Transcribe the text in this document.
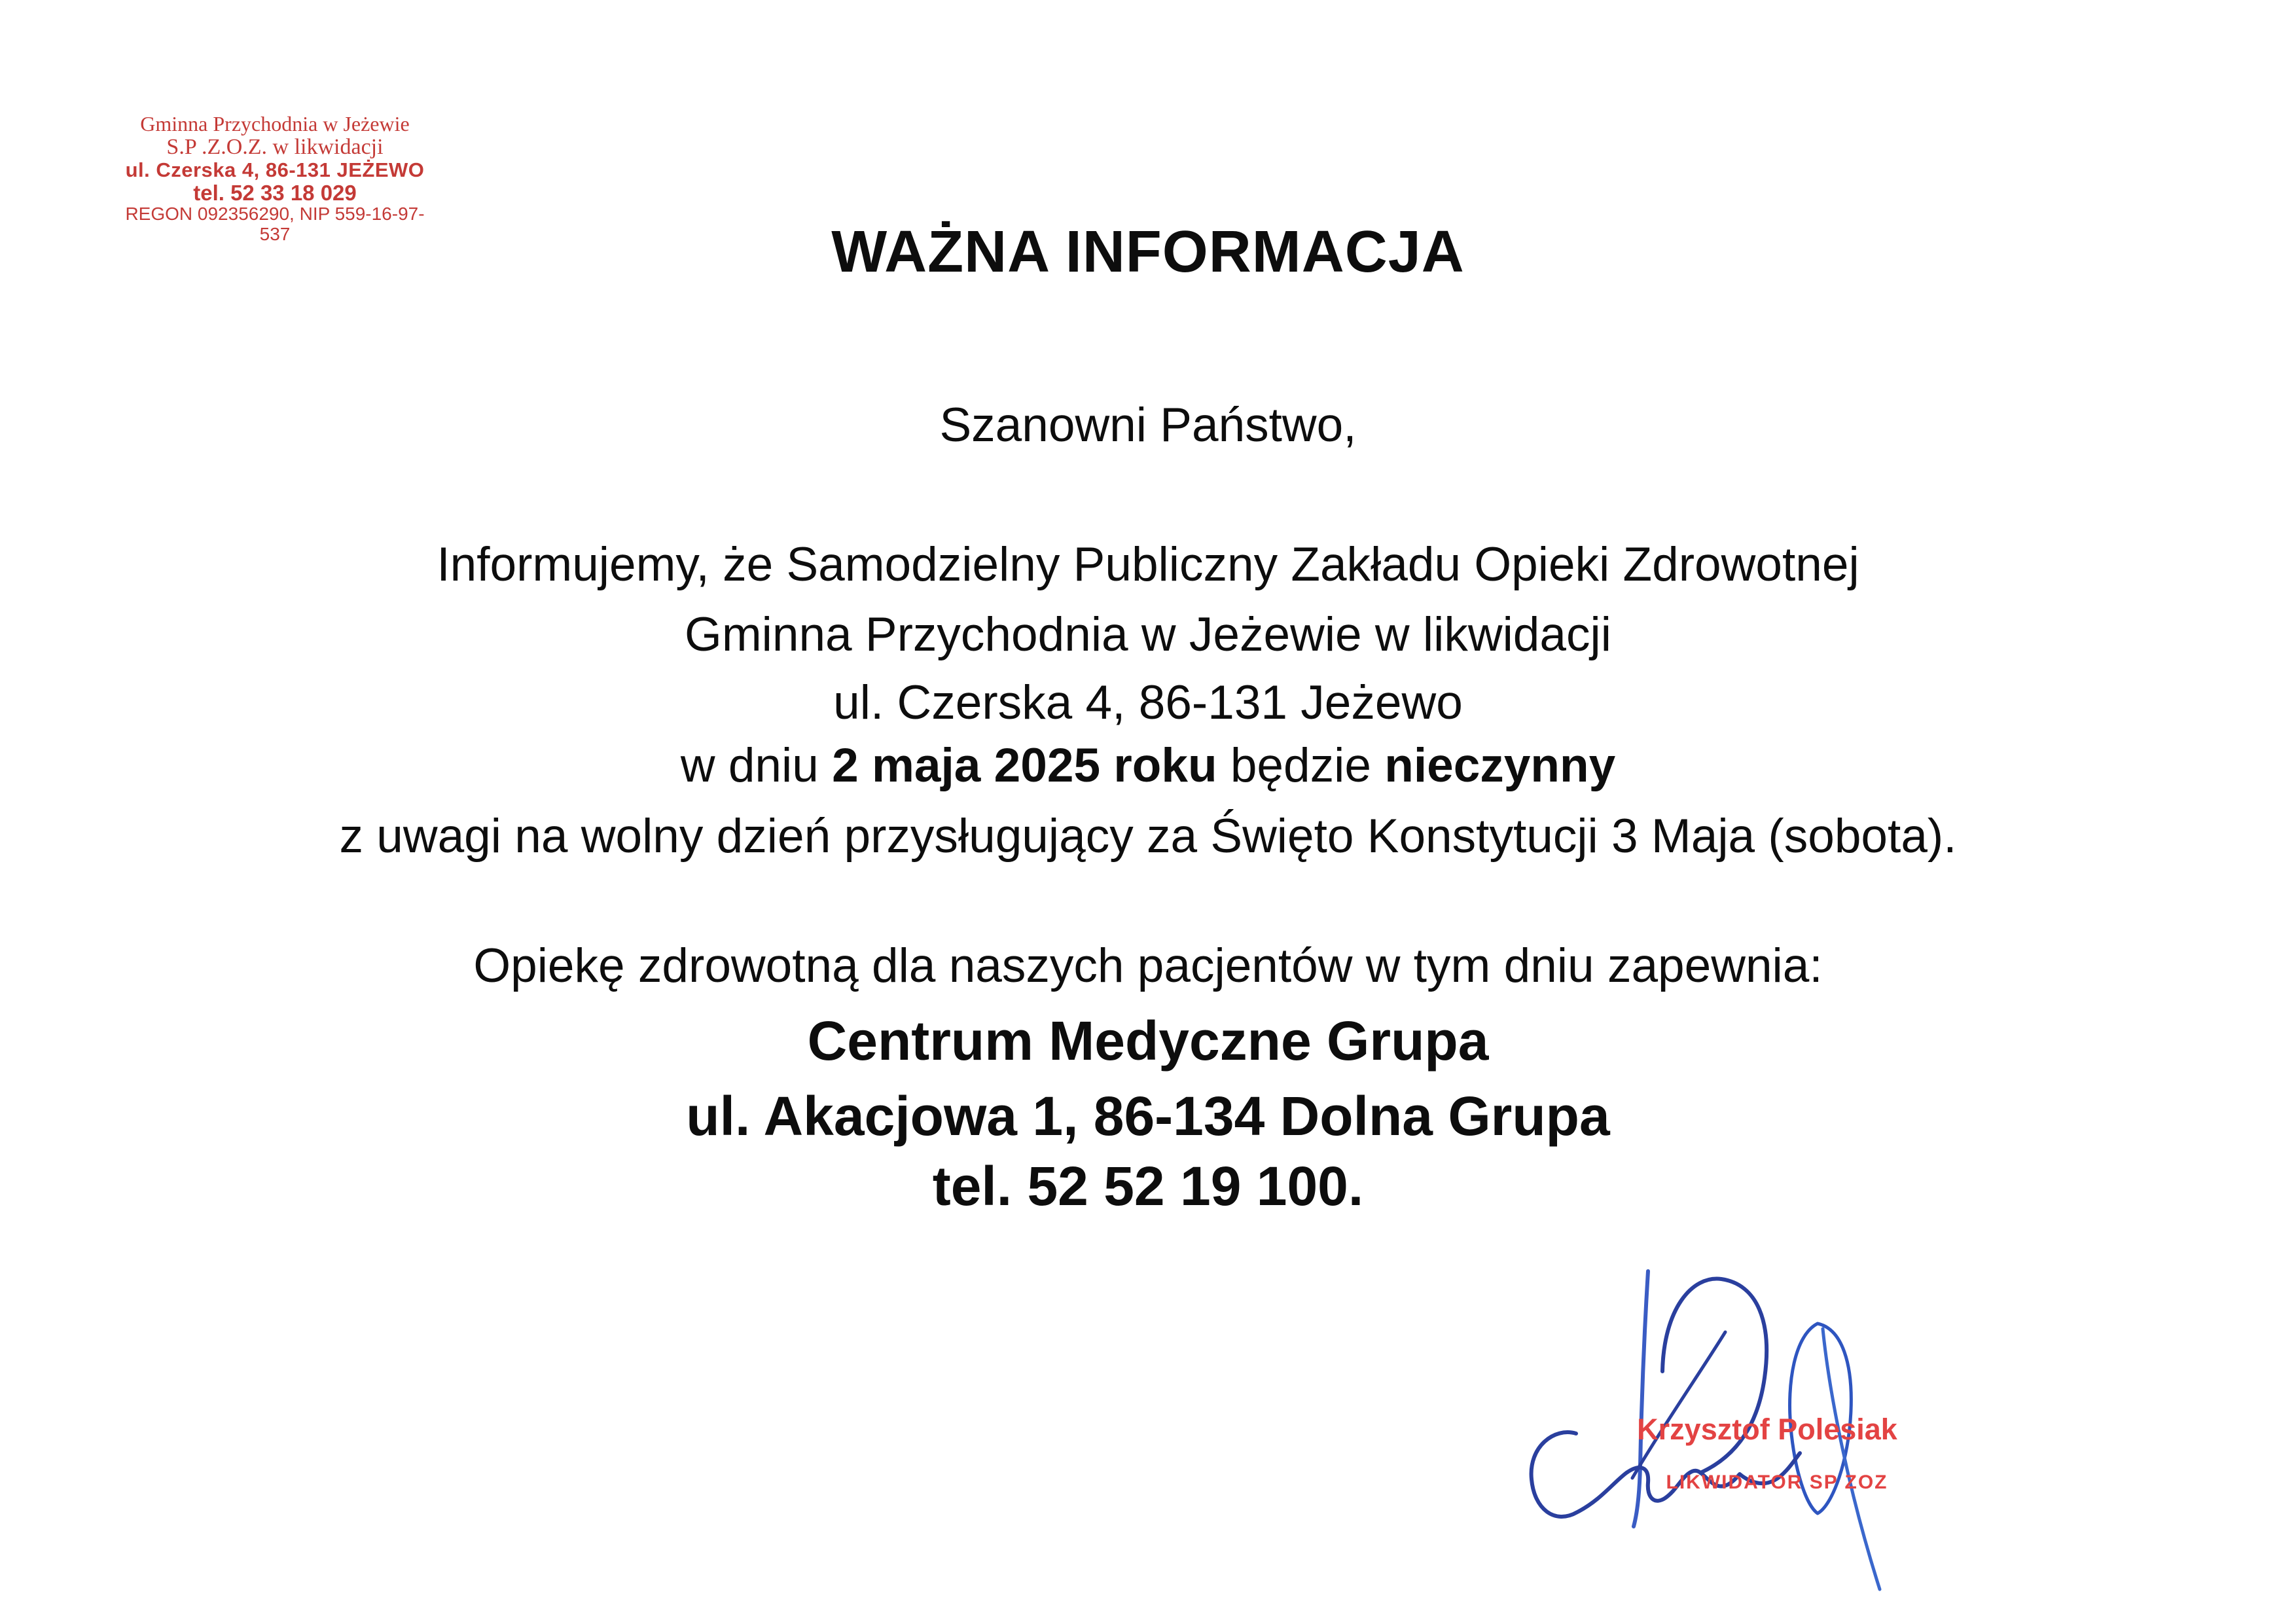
Gminna Przychodnia w Jeżewie
S.P .Z.O.Z. w likwidacji
ul. Czerska 4, 86-131 JEŻEWO
tel. 52 33 18 029
REGON 092356290, NIP 559-16-97-537	WAŻNA INFORMACJA
Szanowni Państwo,
Informujemy, że Samodzielny Publiczny Zakładu Opieki Zdrowotnej
Gminna Przychodnia w Jeżewie w likwidacji
ul. Czerska 4, 86-131 Jeżewo
w dniu 2 maja 2025 roku będzie nieczynny
z uwagi na wolny dzień przysługujący za Święto Konstytucji 3 Maja (sobota).
Opiekę zdrowotną dla naszych pacjentów w tym dniu zapewnia:
Centrum Medyczne Grupa
ul. Akacjowa 1, 86-134 Dolna Grupa
tel. 52 52 19 100.
Krzysztof Polesiak
LIKWIDATOR SP ZOZ
